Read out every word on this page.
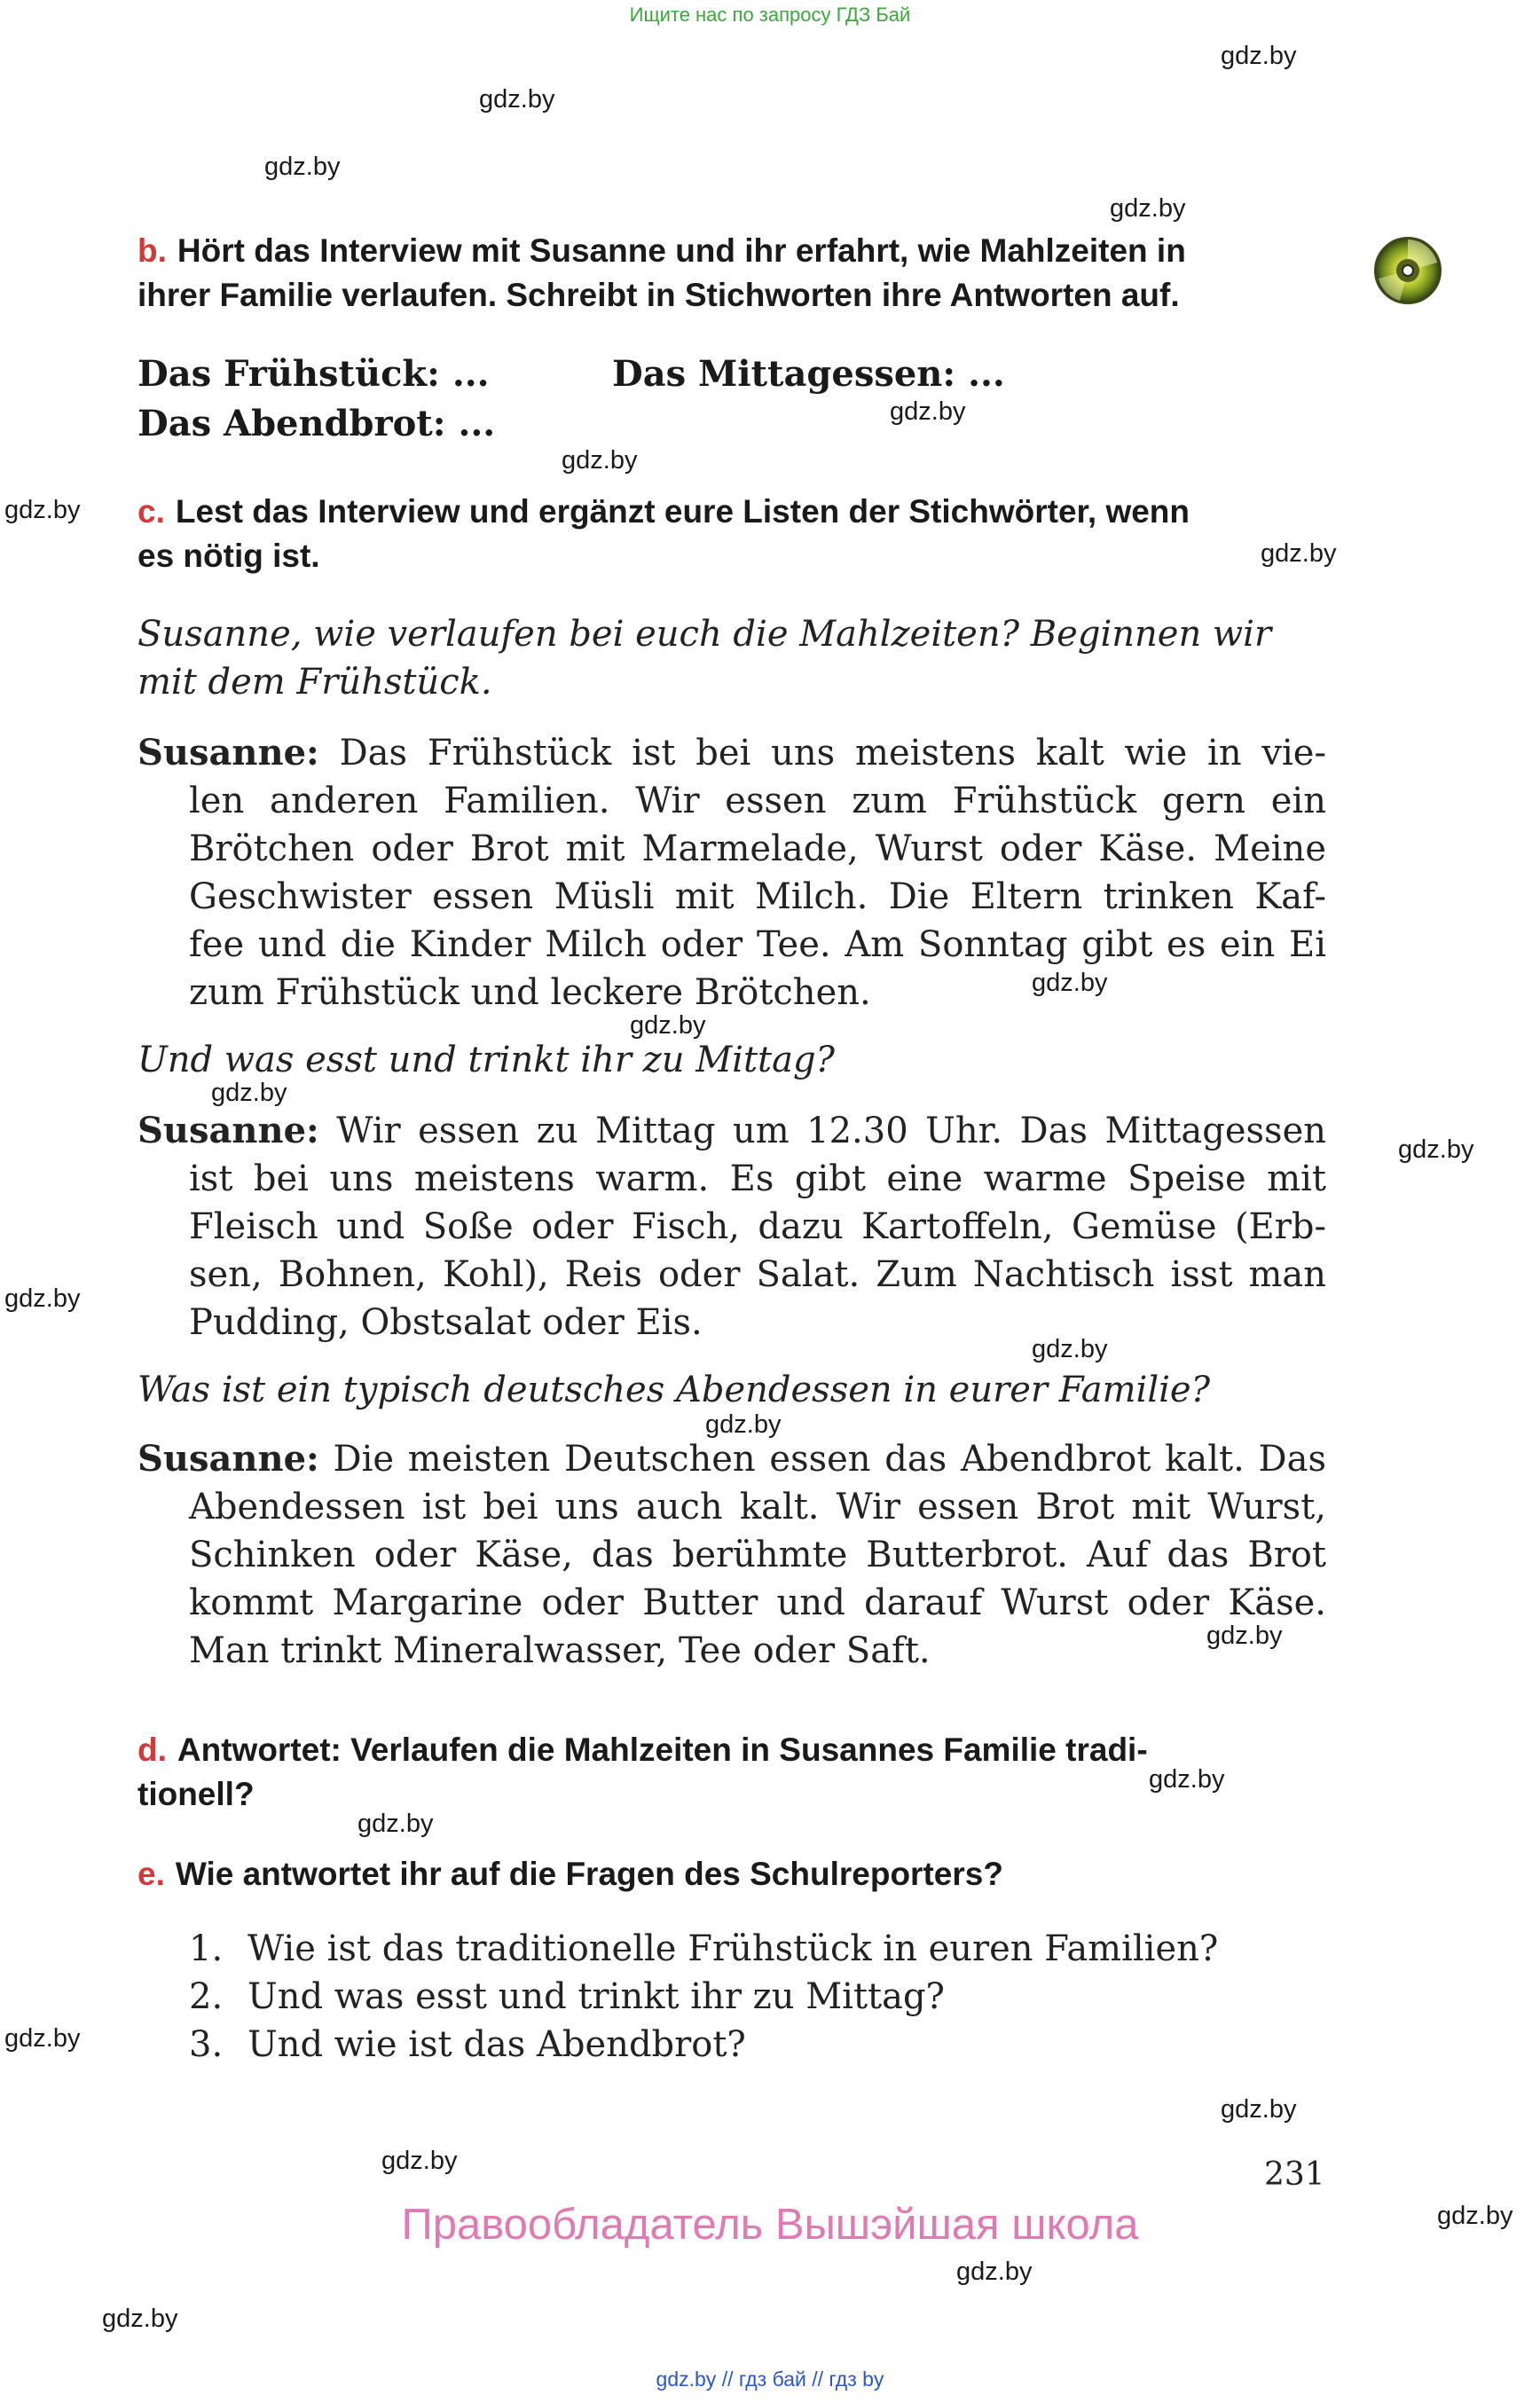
Ищите нас по запросу ГДЗ Бай
gdz.by
gdz.by
gdz.by
gdz.by
gdz.by
gdz.by
gdz.by
gdz.by
gdz.by
gdz.by
gdz.by
gdz.by
gdz.by
gdz.by
gdz.by
gdz.by
gdz.by
gdz.by
gdz.by
gdz.by
gdz.by
gdz.by
gdz.by
gdz.by
b. Hört das Interview mit Susanne und ihr erfahrt, wie Mahlzeiten in
ihrer Familie verlaufen. Schreibt in Stichworten ihre Antworten auf.
Das Frühstück: ...	Das Mittagessen: ...
Das Abendbrot: ...
c. Lest das Interview und ergänzt eure Listen der Stichwörter, wenn
es nötig ist.
Susanne, wie verlaufen bei euch die Mahlzeiten? Beginnen wir
mit dem Frühstück.
Susanne: Das Frühstück ist bei uns meistens kalt wie in vie-
len anderen Familien. Wir essen zum Frühstück gern ein
Brötchen oder Brot mit Marmelade, Wurst oder Käse. Meine
Geschwister essen Müsli mit Milch. Die Eltern trinken Kaf-
fee und die Kinder Milch oder Tee. Am Sonntag gibt es ein Ei
zum Frühstück und leckere Brötchen.
Und was esst und trinkt ihr zu Mittag?
Susanne: Wir essen zu Mittag um 12.30 Uhr. Das Mittagessen
ist bei uns meistens warm. Es gibt eine warme Speise mit
Fleisch und Soße oder Fisch, dazu Kartoffeln, Gemüse (Erb-
sen, Bohnen, Kohl), Reis oder Salat. Zum Nachtisch isst man
Pudding, Obstsalat oder Eis.
Was ist ein typisch deutsches Abendessen in eurer Familie?
Susanne: Die meisten Deutschen essen das Abendbrot kalt. Das
Abendessen ist bei uns auch kalt. Wir essen Brot mit Wurst,
Schinken oder Käse, das berühmte Butterbrot. Auf das Brot
kommt Margarine oder Butter und darauf Wurst oder Käse.
Man trinkt Mineralwasser, Tee oder Saft.
d. Antwortet: Verlaufen die Mahlzeiten in Susannes Familie tradi-
tionell?
e. Wie antwortet ihr auf die Fragen des Schulreporters?
1. Wie ist das traditionelle Frühstück in euren Familien?
2. Und was esst und trinkt ihr zu Mittag?
3. Und wie ist das Abendbrot?
231
Правообладатель Вышэйшая школа
gdz.by // гдз бай // гдз by
